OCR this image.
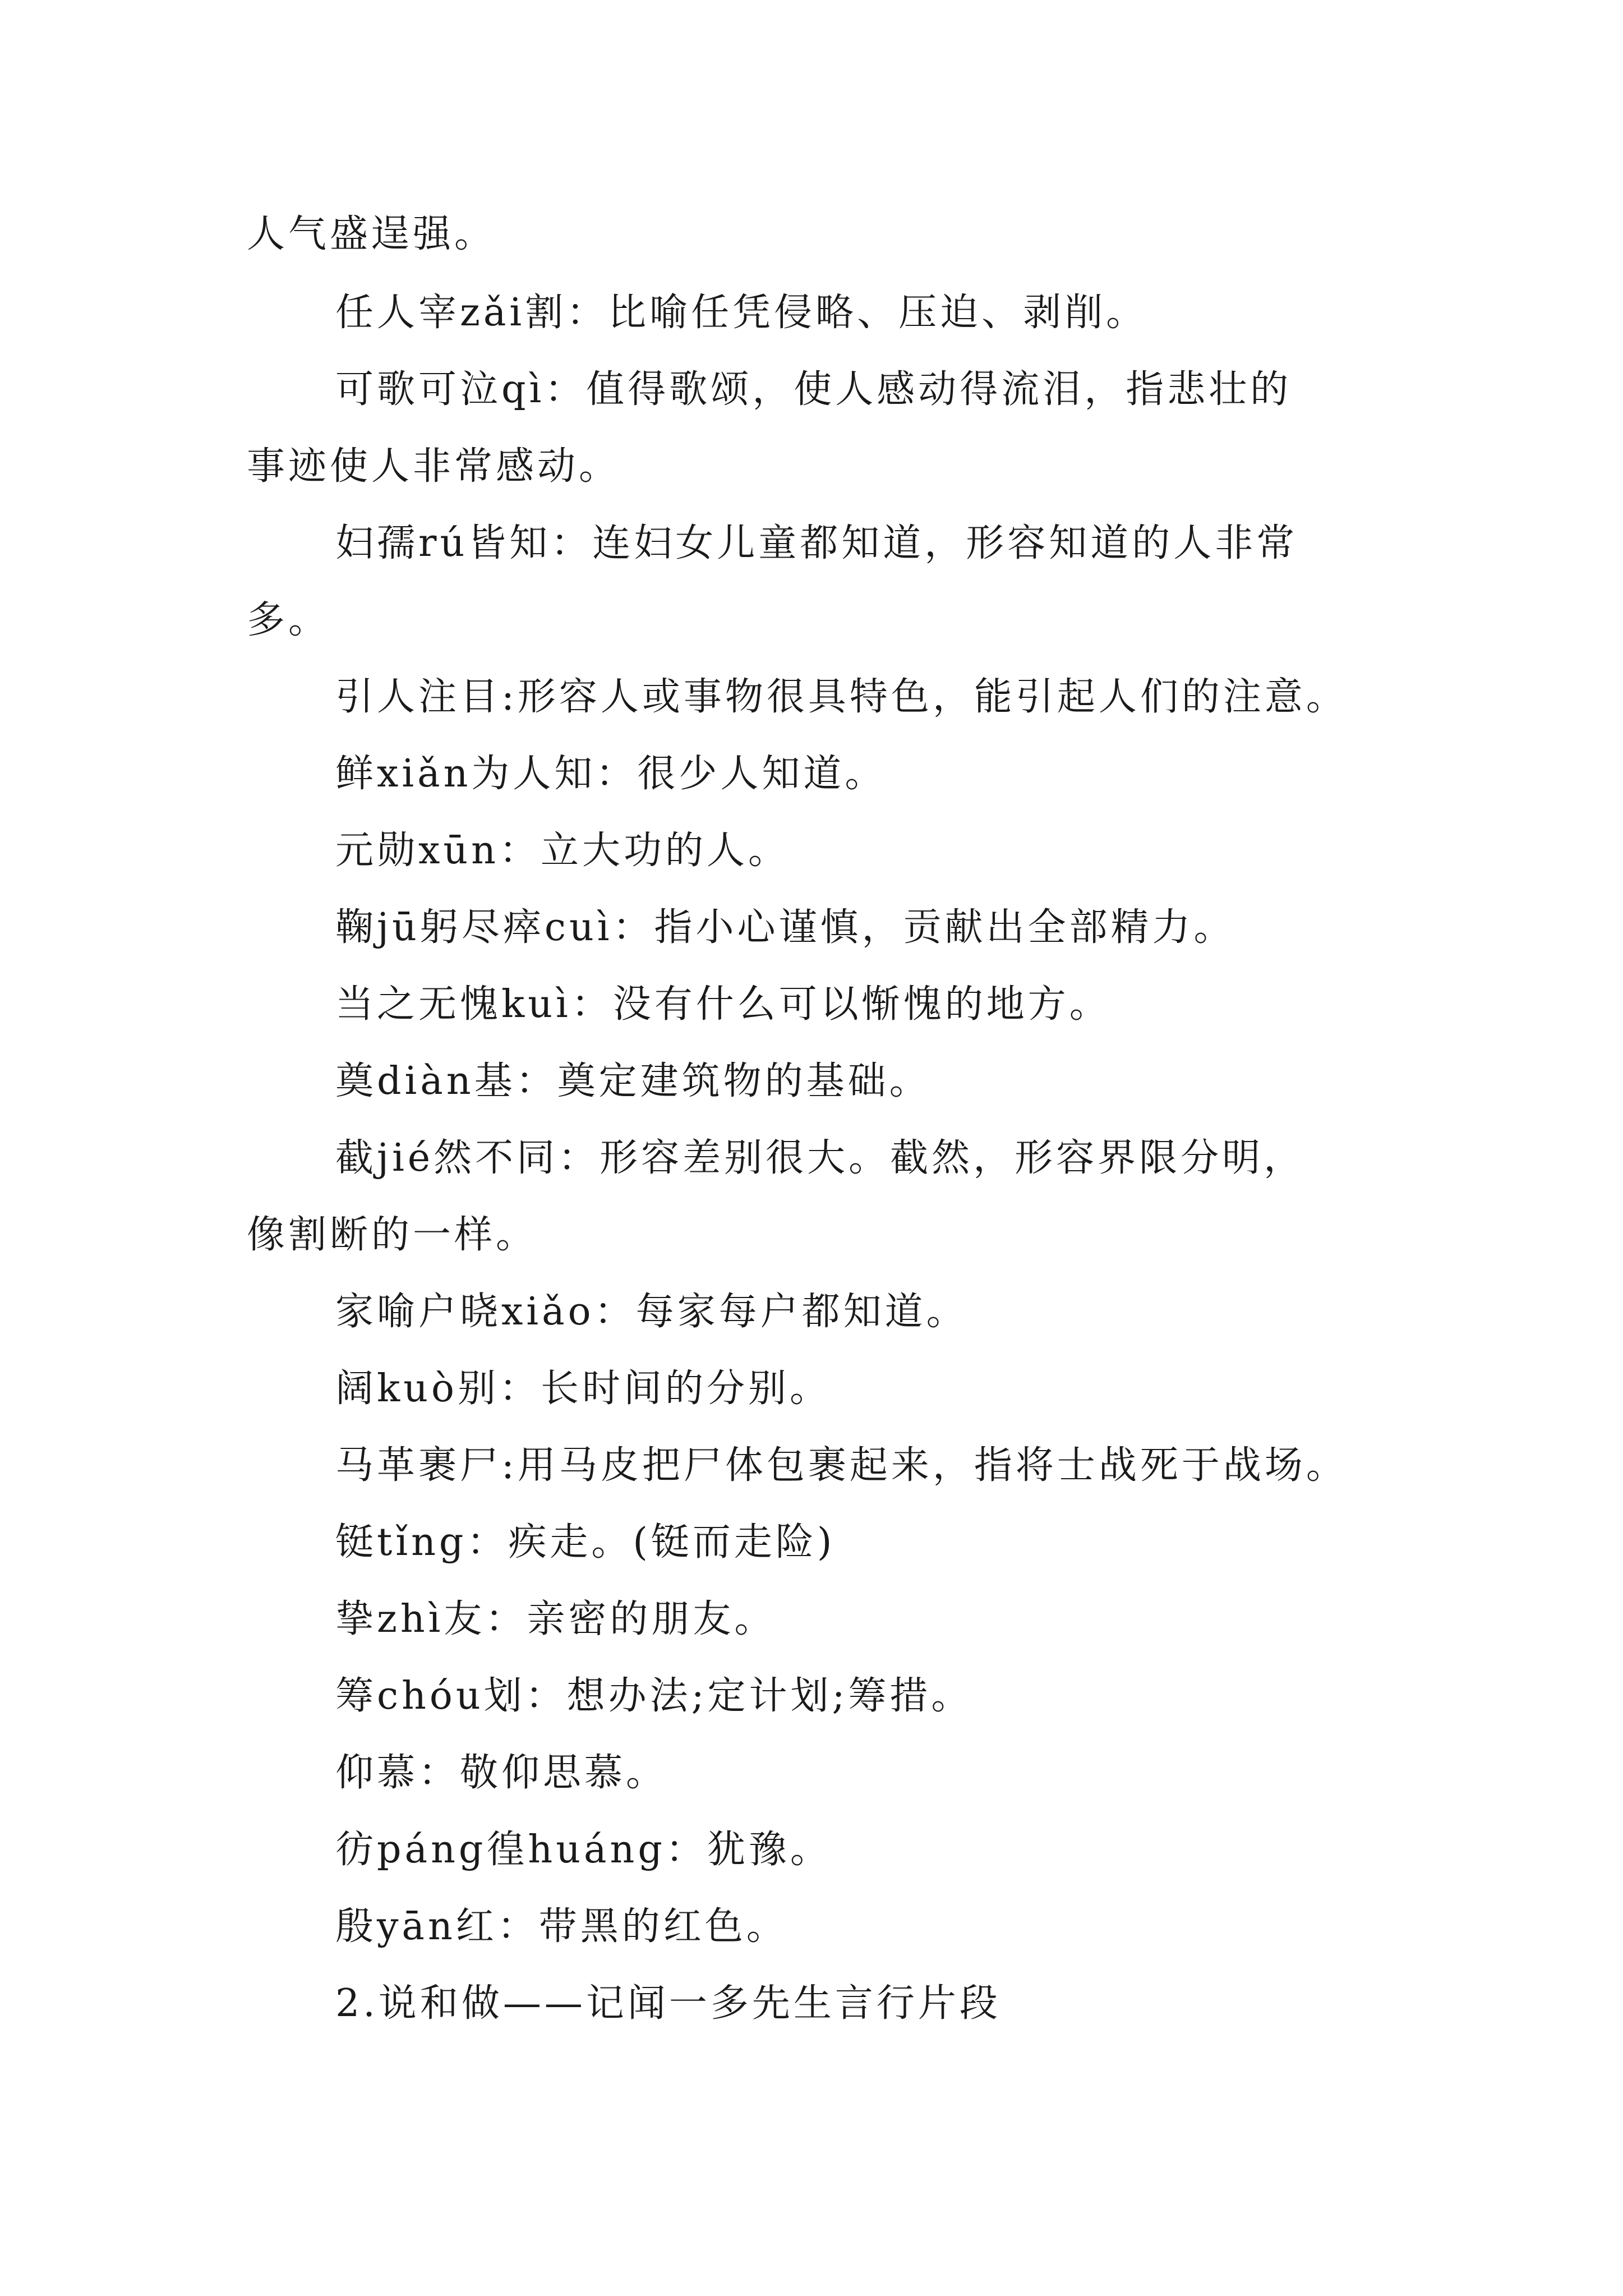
人气盛逞强。
任人宰zǎi割：比喻任凭侵略、压迫、剥削。
可歌可泣qì：值得歌颂，使人感动得流泪，指悲壮的
事迹使人非常感动。
妇孺rú皆知：连妇女儿童都知道，形容知道的人非常
多。
引人注目:形容人或事物很具特色，能引起人们的注意。
鲜xiǎn为人知：很少人知道。
元勋xūn：立大功的人。
鞠jū躬尽瘁cuì：指小心谨慎，贡献出全部精力。
当之无愧kuì：没有什么可以惭愧的地方。
奠diàn基：奠定建筑物的基础。
截jié然不同：形容差别很大。截然，形容界限分明，
像割断的一样。
家喻户晓xiǎo：每家每户都知道。
阔kuò别：长时间的分别。
马革裹尸:用马皮把尸体包裹起来，指将士战死于战场。
铤tǐng：疾走。(铤而走险)
挚zhì友：亲密的朋友。
筹chóu划：想办法;定计划;筹措。
仰慕：敬仰思慕。
彷páng徨huáng：犹豫。
殷yān红：带黑的红色。
2.说和做——记闻一多先生言行片段
